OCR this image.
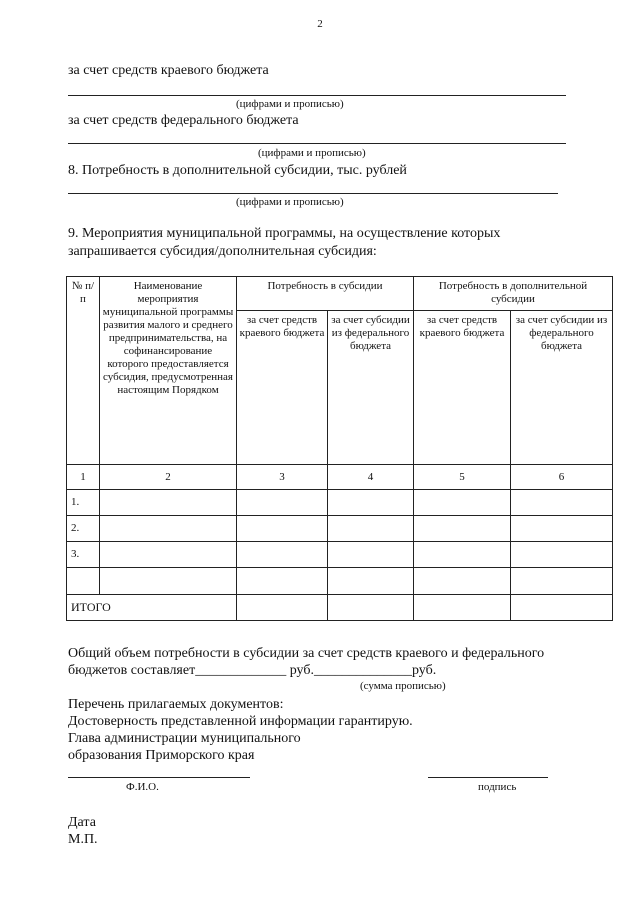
2
за счет средств краевого бюджета
(цифрами и прописью)
за счет средств федерального бюджета
(цифрами и прописью)
8. Потребность в дополнительной субсидии, тыс. рублей
(цифрами и прописью)
9. Мероприятия муниципальной программы, на осуществление которых
запрашивается субсидия/дополнительная субсидия:
№ п/п	Наименование мероприятия муниципальной программы развития малого и среднего предпринимательства, на софинансирование которого предоставляется субсидия, предусмотренная настоящим Порядком	Потребность в субсидии		Потребность в дополнительной субсидии	
		за счет средств краевого бюджета	за счет субсидии из федерального бюджета	за счет средств краевого бюджета	за счет субсидии из федерального бюджета
1	2	3	4	5	6
1.					
2.					
3.					

ИТОГО					
Общий объем потребности в субсидии за счет средств краевого и федерального
бюджетов составляет_____________ руб.______________руб.
(сумма прописью)
Перечень прилагаемых документов:
Достоверность представленной информации гарантирую.
Глава администрации муниципального
образования Приморского края
Ф.И.О.	подпись
Дата
М.П.
